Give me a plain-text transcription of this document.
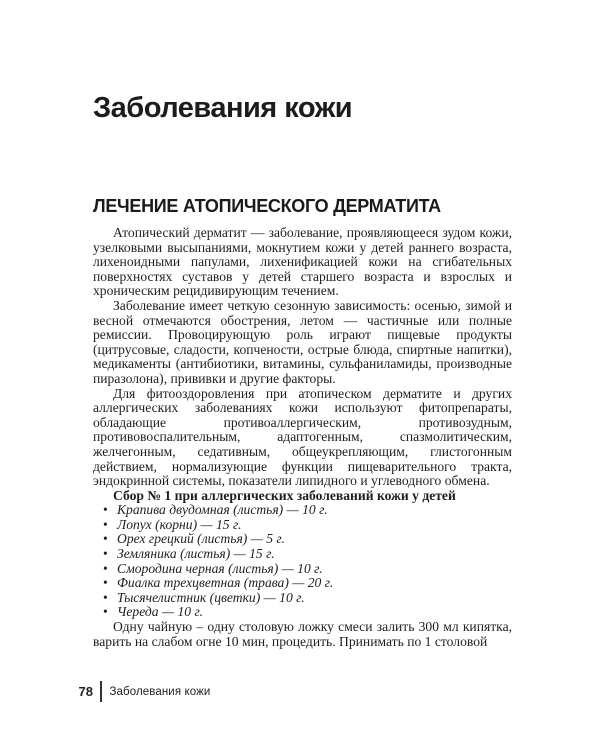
Заболевания кожи
ЛЕЧЕНИЕ АТОПИЧЕСКОГО ДЕРМАТИТА

Атопический дерматит — заболевание, проявляющееся зудом кожи, узелковыми высыпаниями, мокнутием кожи у детей раннего возраста, лихеноидными папулами, лихенификацией кожи на сгибательных поверхностях суставов у детей старшего возраста и взрослых и хроническим рецидивирующим течением.

Заболевание имеет четкую сезонную зависимость: осенью, зимой и весной отмечаются обострения, летом — частичные или полные ремиссии. Провоцирующую роль играют пищевые продукты (цитрусовые, сладости, копчености, острые блюда, спиртные напитки), медикаменты (антибиотики, витамины, сульфаниламиды, производные пиразолона), прививки и другие факторы.

Для фитооздоровления при атопическом дерматите и других аллергических заболеваниях кожи используют фитопрепараты, обладающие противоаллергическим, противозудным, противовоспалительным, адаптогенным, спазмолитическим, желчегонным, седативным, общеукрепляющим, глистогонным действием, нормализующие функции пищеварительного тракта, эндокринной системы, показатели липидного и углеводного обмена.

Сбор № 1 при аллергических заболеваний кожи у детей

• Крапива двудомная (листья) — 10 г.
• Лопух (корни) — 15 г.
• Орех грецкий (листья) — 5 г.
• Земляника (листья) — 15 г.
• Смородина черная (листья) — 10 г.
• Фиалка трехцветная (трава) — 20 г.
• Тысячелистник (цветки) — 10 г.
• Череда — 10 г.

Одну чайную – одну столовую ложку смеси залить 300 мл кипятка, варить на слабом огне 10 мин, процедить. Принимать по 1 столовой

78 Заболевания кожи
